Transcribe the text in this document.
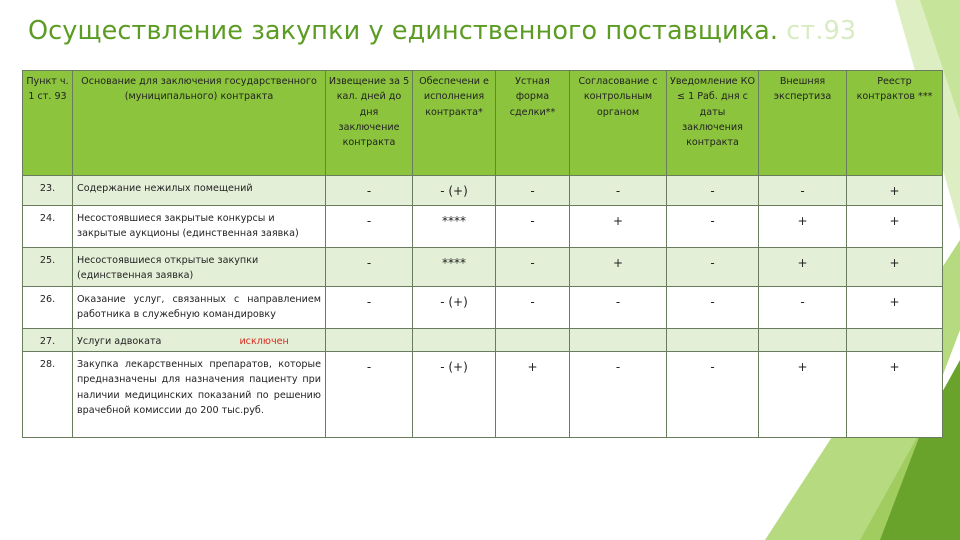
Осуществление закупки у единственного поставщика. ст.93
Пункт ч. 1 ст. 93	Основание для заключения государственного (муниципального) контракта	Извещение за 5 кал. дней до дня заключение контракта	Обеспечени е исполнения контракта*	Устная форма сделки**	Согласование с контрольным органом	Уведомление КО ≤ 1 Раб. дня с даты заключения контракта	Внешняя экспертиза	Реестр контрактов ***
23.	Содержание нежилых помещений	-	- (+)	-	-	-	-	+
24.	Несостоявшиеся закрытые конкурсы и закрытые аукционы (единственная заявка)	-	****	-	+	-	+	+
25.	Несостоявшиеся открытые закупки (единственная заявка)	-	****	-	+	-	+	+
26.	Оказание услуг, связанных с направлением работника в служебную командировку	-	- (+)	-	-	-	-	+
27.	Услуги адвоката исключен							
28.	Закупка лекарственных препаратов, которые предназначены для назначения пациенту при наличии медицинских показаний по решению врачебной комиссии до 200 тыс.руб.	-	- (+)	+	-	-	+	+
